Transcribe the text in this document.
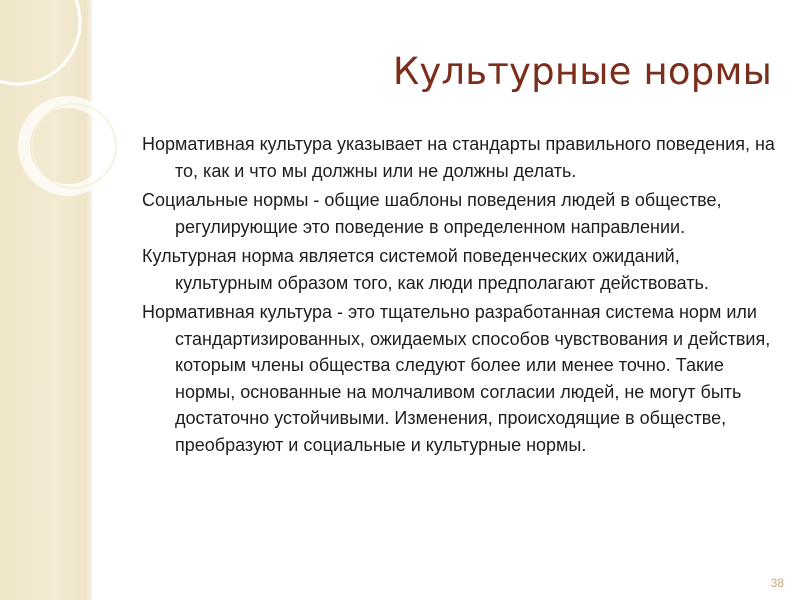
Культурные нормы
Нормативная культура указывает на стандарты правильного поведения, на то, как и что мы должны или не должны делать.
Социальные нормы - общие шаблоны поведения людей в обществе, регулирующие это поведение в определенном направлении.
Культурная норма является системой поведенческих ожиданий, культурным образом того, как люди предполагают действовать.
Нормативная культура - это тщательно разработанная система норм или стандартизированных, ожидаемых способов чувствования и действия, которым члены общества следуют более или менее точно. Такие нормы, основанные на молчаливом согласии людей, не могут быть достаточно устойчивыми. Изменения, происходящие в обществе, преобразуют и социальные и культурные нормы.
38
